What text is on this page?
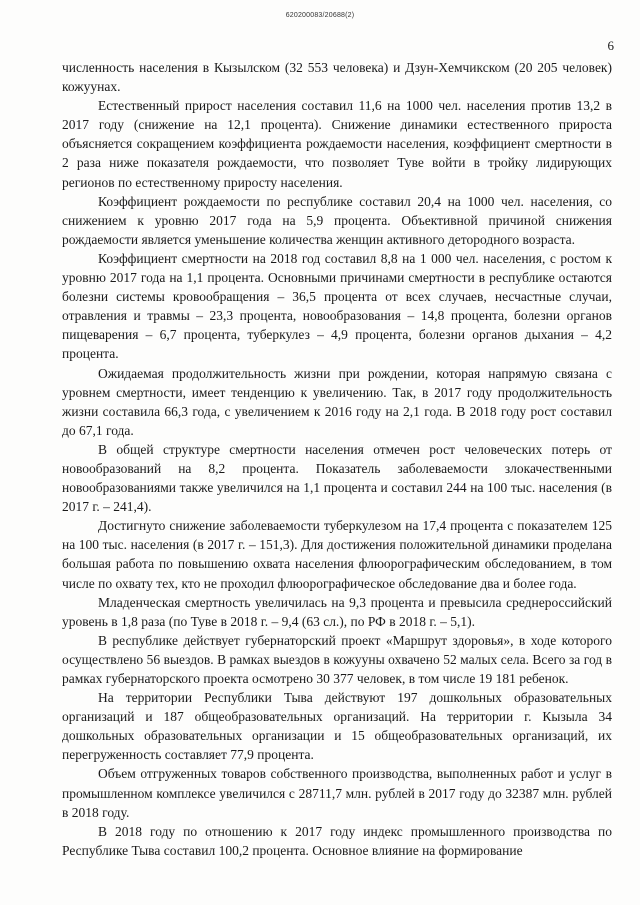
620200083/20688(2)
6

численность населения в Кызылском (32 553 человека) и Дзун-Хемчикском (20 205 человек) кожуунах.

Естественный прирост населения составил 11,6 на 1000 чел. населения против 13,2 в 2017 году (снижение на 12,1 процента). Снижение динамики естественного прироста объясняется сокращением коэффициента рождаемости населения, коэффициент смертности в 2 раза ниже показателя рождаемости, что позволяет Туве войти в тройку лидирующих регионов по естественному приросту населения.

Коэффициент рождаемости по республике составил 20,4 на 1000 чел. населения, со снижением к уровню 2017 года на 5,9 процента. Объективной причиной снижения рождаемости является уменьшение количества женщин активного детородного возраста.

Коэффициент смертности на 2018 год составил 8,8 на 1 000 чел. населения, с ростом к уровню 2017 года на 1,1 процента. Основными причинами смертности в республике остаются болезни системы кровообращения – 36,5 процента от всех случаев, несчастные случаи, отравления и травмы – 23,3 процента, новообразования – 14,8 процента, болезни органов пищеварения – 6,7 процента, туберкулез – 4,9 процента, болезни органов дыхания – 4,2 процента.

Ожидаемая продолжительность жизни при рождении, которая напрямую связана с уровнем смертности, имеет тенденцию к увеличению. Так, в 2017 году продолжительность жизни составила 66,3 года, с увеличением к 2016 году на 2,1 года. В 2018 году рост составил до 67,1 года.

В общей структуре смертности населения отмечен рост человеческих потерь от новообразований на 8,2 процента. Показатель заболеваемости злокачественными новообразованиями также увеличился на 1,1 процента и составил 244 на 100 тыс. населения (в 2017 г. – 241,4).

Достигнуто снижение заболеваемости туберкулезом на 17,4 процента с показателем 125 на 100 тыс. населения (в 2017 г. – 151,3). Для достижения положительной динамики проделана большая работа по повышению охвата населения флюорографическим обследованием, в том числе по охвату тех, кто не проходил флюорографическое обследование два и более года.

Младенческая смертность увеличилась на 9,3 процента и превысила среднероссийский уровень в 1,8 раза (по Туве в 2018 г. – 9,4 (63 сл.), по РФ в 2018 г. – 5,1).

В республике действует губернаторский проект «Маршрут здоровья», в ходе которого осуществлено 56 выездов. В рамках выездов в кожууны охвачено 52 малых села. Всего за год в рамках губернаторского проекта осмотрено 30 377 человек, в том числе 19 181 ребенок.

На территории Республики Тыва действуют 197 дошкольных образовательных организаций и 187 общеобразовательных организаций. На территории г. Кызыла 34 дошкольных образовательных организации и 15 общеобразовательных организаций, их перегруженность составляет 77,9 процента.

Объем отгруженных товаров собственного производства, выполненных работ и услуг в промышленном комплексе увеличился с 28711,7 млн. рублей в 2017 году до 32387 млн. рублей в 2018 году.

В 2018 году по отношению к 2017 году индекс промышленного производства по Республике Тыва составил 100,2 процента. Основное влияние на формирование
